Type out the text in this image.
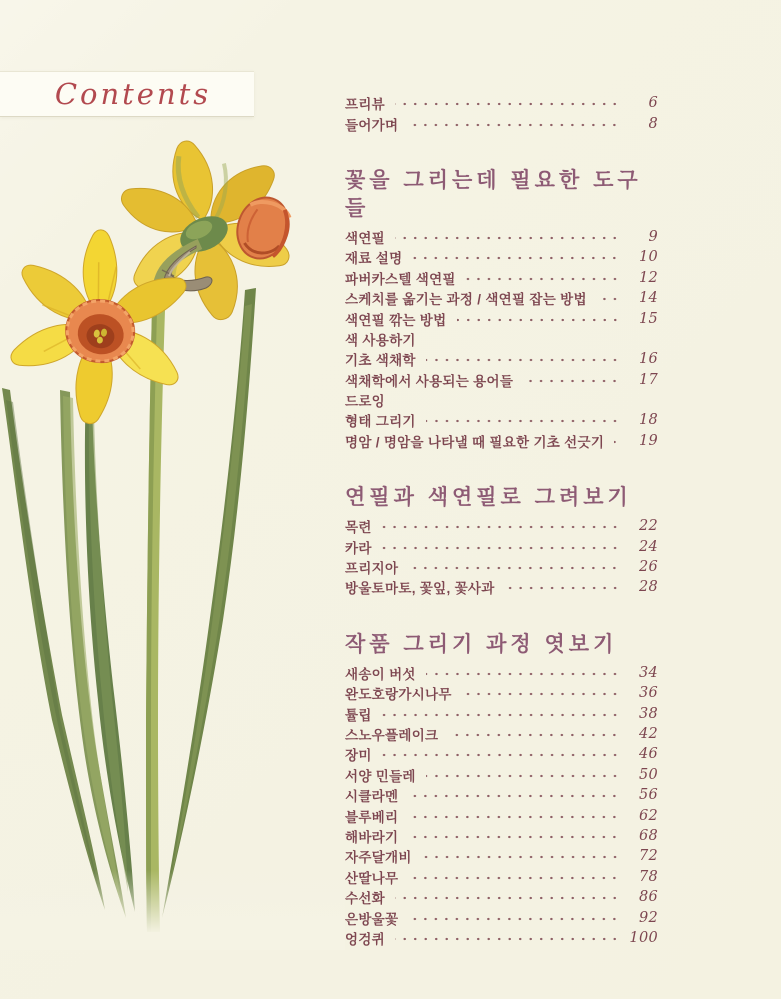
Contents	프리뷰	6
들어가며	8
꽃을 그리는데 필요한 도구들
색연필	9
재료 설명	10
파버카스텔 색연필	12
스케치를 옮기는 과정 / 색연필 잡는 방법	14
색연필 깎는 방법	15
색 사용하기
기초 색채학	16
색채학에서 사용되는 용어들	17
드로잉
형태 그리기	18
명암 / 명암을 나타낼 때 필요한 기초 선긋기	19
연필과 색연필로 그려보기
목련	22
카라	24
프리지아	26
방울토마토, 꽃잎, 꽃사과	28
작품 그리기 과정 엿보기
새송이 버섯	34
완도호랑가시나무	36
튤립	38
스노우플레이크	42
장미	46
서양 민들레	50
시클라멘	56
블루베리	62
해바라기	68
자주달개비	72
산딸나무	78
수선화	86
은방울꽃	92
엉겅퀴	100
